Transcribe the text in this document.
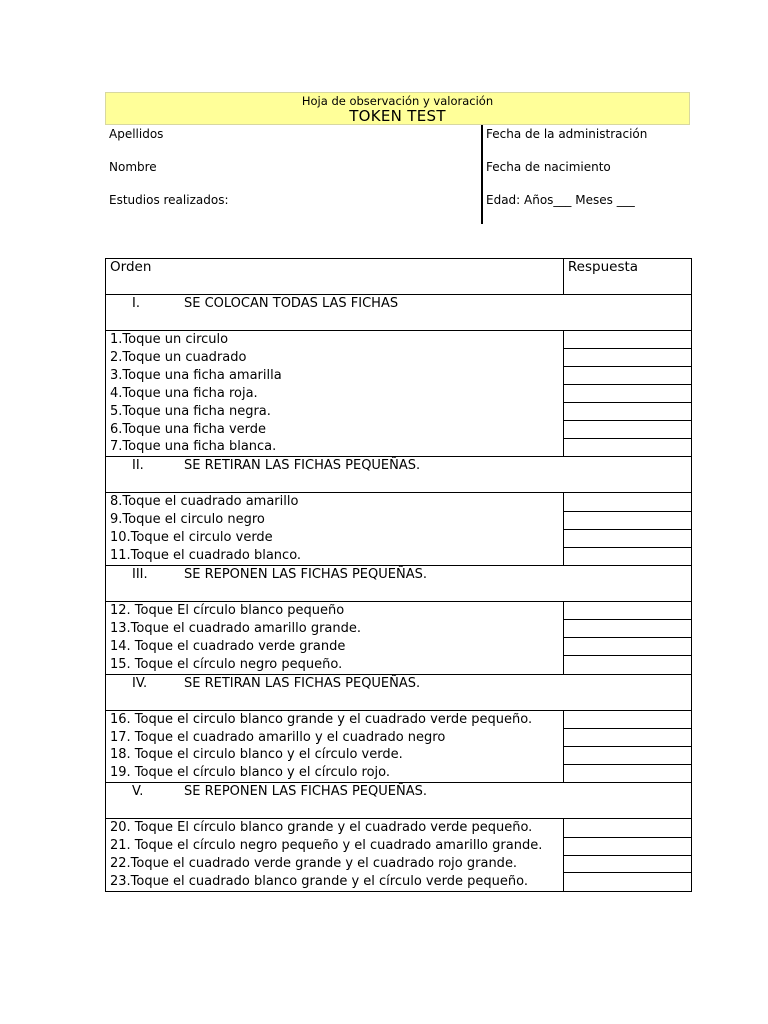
Hoja de observación y valoración
TOKEN TEST
Apellidos
Nombre
Estudios realizados:
Fecha de la administración
Fecha de nacimiento
Edad: Años___ Meses ___
Orden	Respuesta
I. SE COLOCAN TODAS LAS FICHAS	
1.Toque un circulo	
2.Toque un cuadrado	
3.Toque una ficha amarilla	
4.Toque una ficha roja.	
5.Toque una ficha negra.	
6.Toque una ficha verde	
7.Toque una ficha blanca.	
II. SE RETIRAN LAS FICHAS PEQUEÑAS.	
8.Toque el cuadrado amarillo	
9.Toque el circulo negro	
10.Toque el circulo verde	
11.Toque el cuadrado blanco.	
III. SE REPONEN LAS FICHAS PEQUEÑAS.	
12. Toque El círculo blanco pequeño	
13.Toque el cuadrado amarillo grande.	
14. Toque el cuadrado verde grande	
15. Toque el círculo negro pequeño.	
IV. SE RETIRAN LAS FICHAS PEQUEÑAS.	
16. Toque el circulo blanco grande y el cuadrado verde pequeño.	
17. Toque el cuadrado amarillo y el cuadrado negro	
18. Toque el circulo blanco y el círculo verde.	
19. Toque el círculo blanco y el círculo rojo.	
V. SE REPONEN LAS FICHAS PEQUEÑAS.	
20. Toque El círculo blanco grande y el cuadrado verde pequeño.	
21. Toque el círculo negro pequeño y el cuadrado amarillo grande.	
22.Toque el cuadrado verde grande y el cuadrado rojo grande.	
23.Toque el cuadrado blanco grande y el círculo verde pequeño.	
